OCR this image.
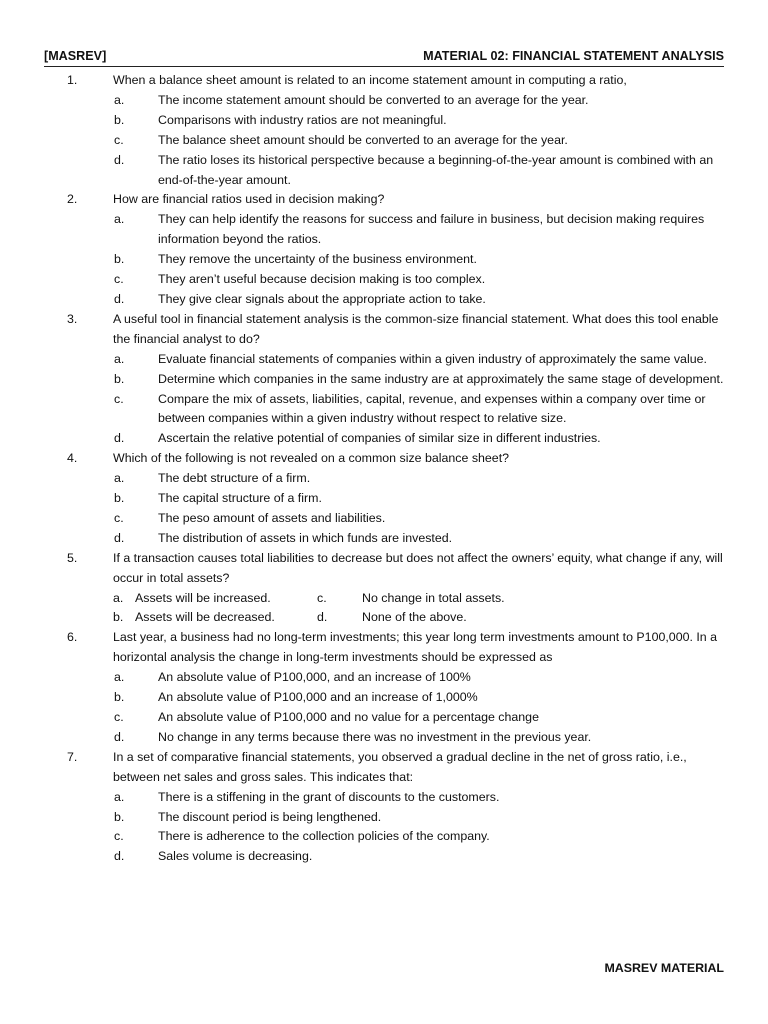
[MASREV]	MATERIAL 02: FINANCIAL STATEMENT ANALYSIS
1.	When a balance sheet amount is related to an income statement amount in computing a ratio,
a.	The income statement amount should be converted to an average for the year.
b.	Comparisons with industry ratios are not meaningful.
c.	The balance sheet amount should be converted to an average for the year.
d.	The ratio loses its historical perspective because a beginning-of-the-year amount is combined with an end-of-the-year amount.
2.	How are financial ratios used in decision making?
a.	They can help identify the reasons for success and failure in business, but decision making requires information beyond the ratios.
b.	They remove the uncertainty of the business environment.
c.	They aren’t useful because decision making is too complex.
d.	They give clear signals about the appropriate action to take.
3.	A useful tool in financial statement analysis is the common-size financial statement. What does this tool enable the financial analyst to do?
a.	Evaluate financial statements of companies within a given industry of approximately the same value.
b.	Determine which companies in the same industry are at approximately the same stage of development.
c.	Compare the mix of assets, liabilities, capital, revenue, and expenses within a company over time or between companies within a given industry without respect to relative size.
d.	Ascertain the relative potential of companies of similar size in different industries.
4.	Which of the following is not revealed on a common size balance sheet?
a.	The debt structure of a firm.
b.	The capital structure of a firm.
c.	The peso amount of assets and liabilities.
d.	The distribution of assets in which funds are invested.
5.	If a transaction causes total liabilities to decrease but does not affect the owners’ equity, what change if any, will occur in total assets?
a. Assets will be increased.	c.	No change in total assets.
b. Assets will be decreased.	d.	None of the above.
6.	Last year, a business had no long-term investments; this year long term investments amount to P100,000. In a horizontal analysis the change in long-term investments should be expressed as
a.	An absolute value of P100,000, and an increase of 100%
b.	An absolute value of P100,000 and an increase of 1,000%
c.	An absolute value of P100,000 and no value for a percentage change
d.	No change in any terms because there was no investment in the previous year.
7.	In a set of comparative financial statements, you observed a gradual decline in the net of gross ratio, i.e., between net sales and gross sales. This indicates that:
a.	There is a stiffening in the grant of discounts to the customers.
b.	The discount period is being lengthened.
c.	There is adherence to the collection policies of the company.
d.	Sales volume is decreasing.
MASREV MATERIAL
